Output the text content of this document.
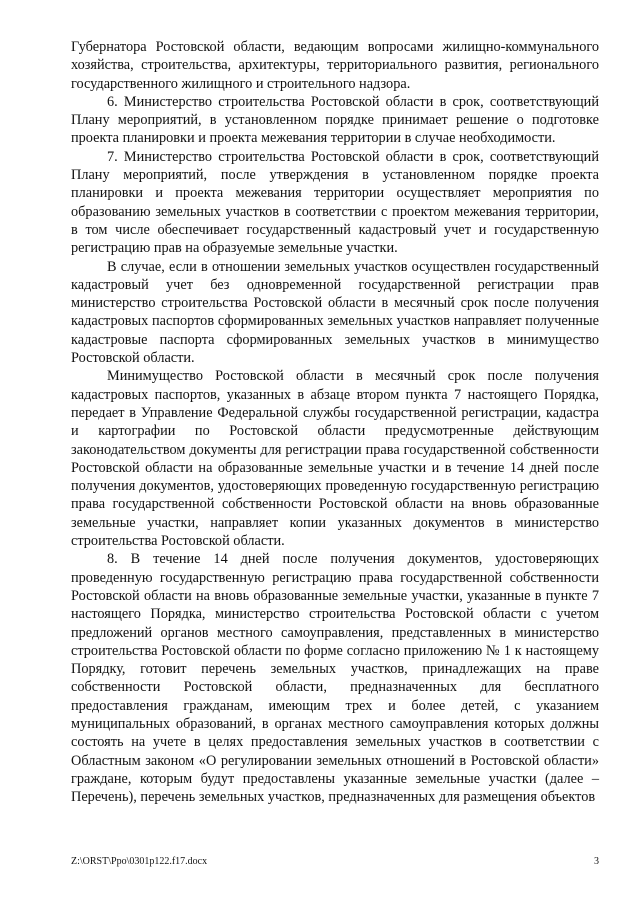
Губернатора Ростовской области, ведающим вопросами жилищно-коммунального хозяйства, строительства, архитектуры, территориального развития, регионального государственного жилищного и строительного надзора.

6. Министерство строительства Ростовской области в срок, соответствующий Плану мероприятий, в установленном порядке принимает решение о подготовке проекта планировки и проекта межевания территории в случае необходимости.

7. Министерство строительства Ростовской области в срок, соответствующий Плану мероприятий, после утверждения в установленном порядке проекта планировки и проекта межевания территории осуществляет мероприятия по образованию земельных участков в соответствии с проектом межевания территории, в том числе обеспечивает государственный кадастровый учет и государственную регистрацию прав на образуемые земельные участки.

В случае, если в отношении земельных участков осуществлен государственный кадастровый учет без одновременной государственной регистрации прав министерство строительства Ростовской области в месячный срок после получения кадастровых паспортов сформированных земельных участков направляет полученные кадастровые паспорта сформированных земельных участков в минимущество Ростовской области.

Минимущество Ростовской области в месячный срок после получения кадастровых паспортов, указанных в абзаце втором пункта 7 настоящего Порядка, передает в Управление Федеральной службы государственной регистрации, кадастра и картографии по Ростовской области предусмотренные действующим законодательством документы для регистрации права государственной собственности Ростовской области на образованные земельные участки и в течение 14 дней после получения документов, удостоверяющих проведенную государственную регистрацию права государственной собственности Ростовской области на вновь образованные земельные участки, направляет копии указанных документов в министерство строительства Ростовской области.

8. В течение 14 дней после получения документов, удостоверяющих проведенную государственную регистрацию права государственной собственности Ростовской области на вновь образованные земельные участки, указанные в пункте 7 настоящего Порядка, министерство строительства Ростовской области с учетом предложений органов местного самоуправления, представленных в министерство строительства Ростовской области по форме согласно приложению № 1 к настоящему Порядку, готовит перечень земельных участков, принадлежащих на праве собственности Ростовской области, предназначенных для бесплатного предоставления гражданам, имеющим трех и более детей, с указанием муниципальных образований, в органах местного самоуправления которых должны состоять на учете в целях предоставления земельных участков в соответствии с Областным законом «О регулировании земельных отношений в Ростовской области» граждане, которым будут предоставлены указанные земельные участки (далее – Перечень), перечень земельных участков, предназначенных для размещения объектов

Z:\ORST\Ppo\0301p122.f17.docx	3
